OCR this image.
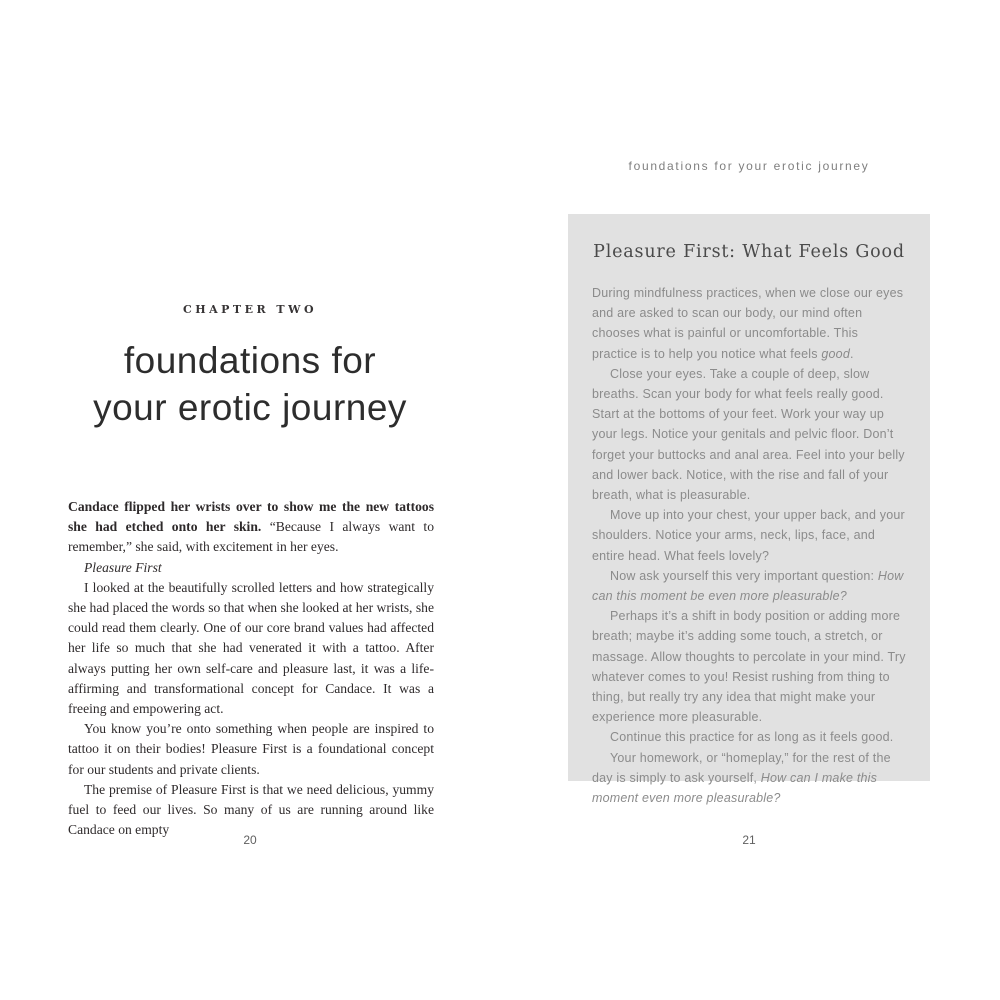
CHAPTER TWO
foundations for
your erotic journey

Candace flipped her wrists over to show me the new tattoos she had etched onto her skin. “Because I always want to remember,” she said, with excitement in her eyes.

Pleasure First

I looked at the beautifully scrolled letters and how strategically she had placed the words so that when she looked at her wrists, she could read them clearly. One of our core brand values had affected her life so much that she had venerated it with a tattoo. After always putting her own self-care and pleasure last, it was a life-affirming and transformational concept for Candace. It was a freeing and empowering act.

You know you’re onto something when people are inspired to tattoo it on their bodies! Pleasure First is a foundational concept for our students and private clients.

The premise of Pleasure First is that we need delicious, yummy fuel to feed our lives. So many of us are running around like Candace on empty

20
foundations for your erotic journey
Pleasure First: What Feels Good

During mindfulness practices, when we close our eyes and are asked to scan our body, our mind often chooses what is painful or uncomfortable. This practice is to help you notice what feels good.

Close your eyes. Take a couple of deep, slow breaths. Scan your body for what feels really good. Start at the bottoms of your feet. Work your way up your legs. Notice your genitals and pelvic floor. Don’t forget your buttocks and anal area. Feel into your belly and lower back. Notice, with the rise and fall of your breath, what is pleasurable.

Move up into your chest, your upper back, and your shoulders. Notice your arms, neck, lips, face, and entire head. What feels lovely?

Now ask yourself this very important question: How can this moment be even more pleasurable?

Perhaps it’s a shift in body position or adding more breath; maybe it’s adding some touch, a stretch, or massage. Allow thoughts to percolate in your mind. Try whatever comes to you! Resist rushing from thing to thing, but really try any idea that might make your experience more pleasurable.

Continue this practice for as long as it feels good.

Your homework, or “homeplay,” for the rest of the day is simply to ask yourself, How can I make this moment even more pleasurable?

21
